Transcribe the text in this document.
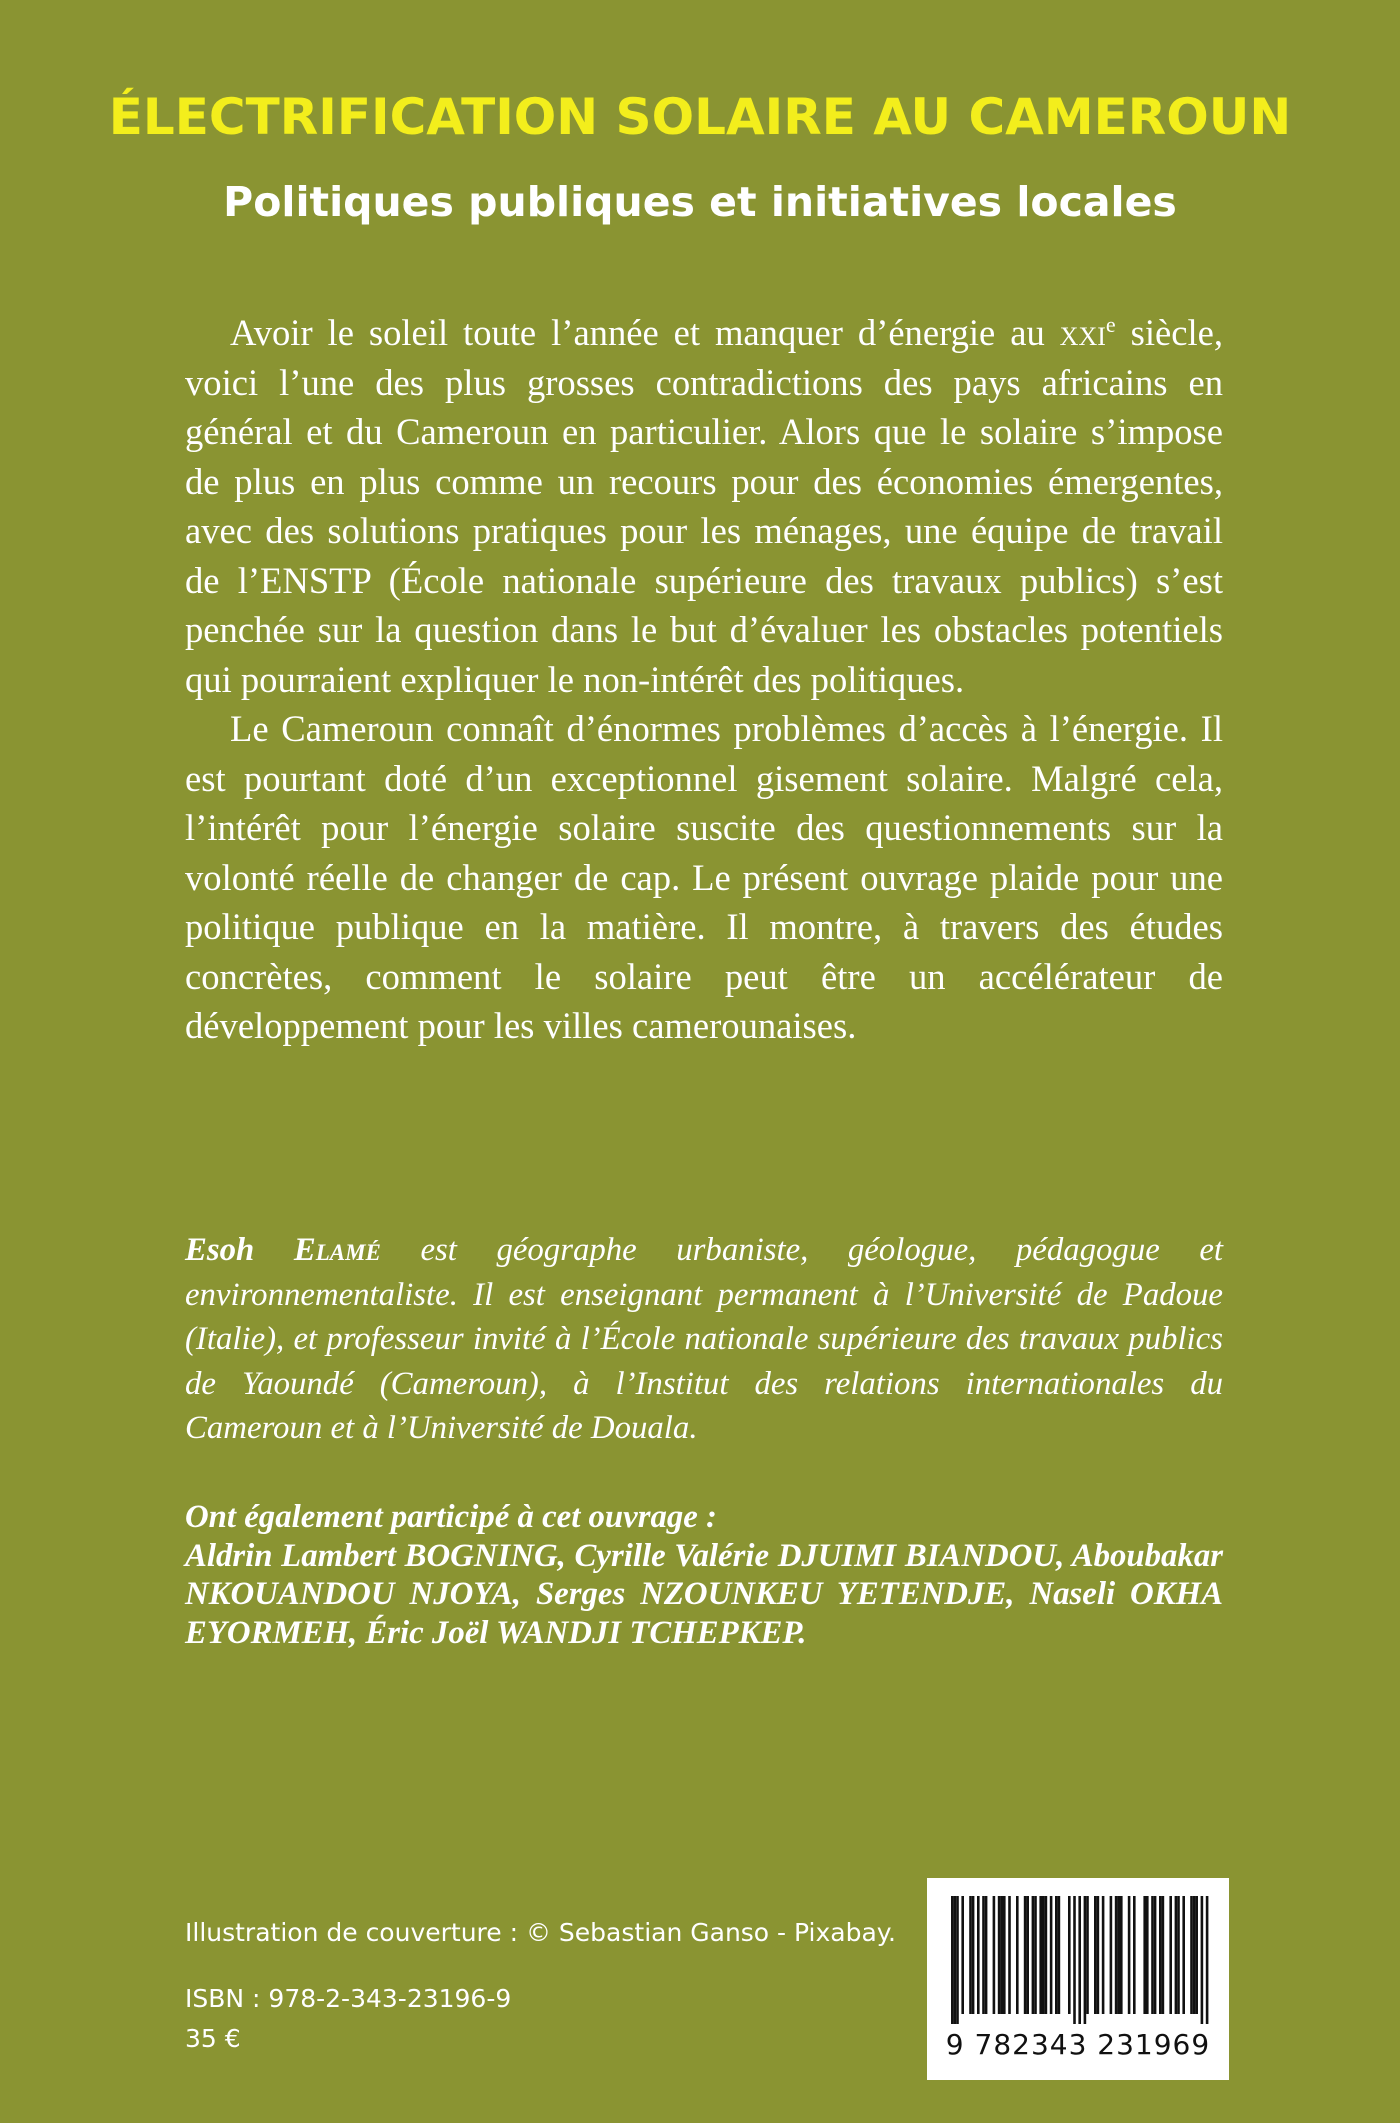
ÉLECTRIFICATION SOLAIRE AU CAMEROUN
Politiques publiques et initiatives locales

Avoir le soleil toute l’année et manquer d’énergie au xxi$^e$ siècle, voici l’une des plus grosses contradictions des pays africains en général et du Cameroun en particulier. Alors que le solaire s’impose de plus en plus comme un recours pour des économies émergentes, avec des solutions pratiques pour les ménages, une équipe de travail de l’ENSTP (École nationale supérieure des travaux publics) s’est penchée sur la question dans le but d’évaluer les obstacles potentiels qui pourraient expliquer le non-intérêt des politiques.

Le Cameroun connaît d’énormes problèmes d’accès à l’énergie. Il est pourtant doté d’un exceptionnel gisement solaire. Malgré cela, l’intérêt pour l’énergie solaire suscite des questionnements sur la volonté réelle de changer de cap. Le présent ouvrage plaide pour une politique publique en la matière. Il montre, à travers des études concrètes, comment le solaire peut être un accélérateur de développement pour les villes camerounaises.

Esoh Elamé est géographe urbaniste, géologue, pédagogue et environnementaliste. Il est enseignant permanent à l’Université de Padoue (Italie), et professeur invité à l’École nationale supérieure des travaux publics de Yaoundé (Cameroun), à l’Institut des relations internationales du Cameroun et à l’Université de Douala.

Ont également participé à cet ouvrage :

Aldrin Lambert BOGNING, Cyrille Valérie DJUIMI BIANDOU, Aboubakar NKOUANDOU NJOYA, Serges NZOUNKEU YETENDJE, Naseli OKHA EYORMEH, Éric Joël WANDJI TCHEPKEP.

Illustration de couverture : © Sebastian Ganso - Pixabay.

ISBN : 978-2-343-23196-9

35 €	9 782343 231969
